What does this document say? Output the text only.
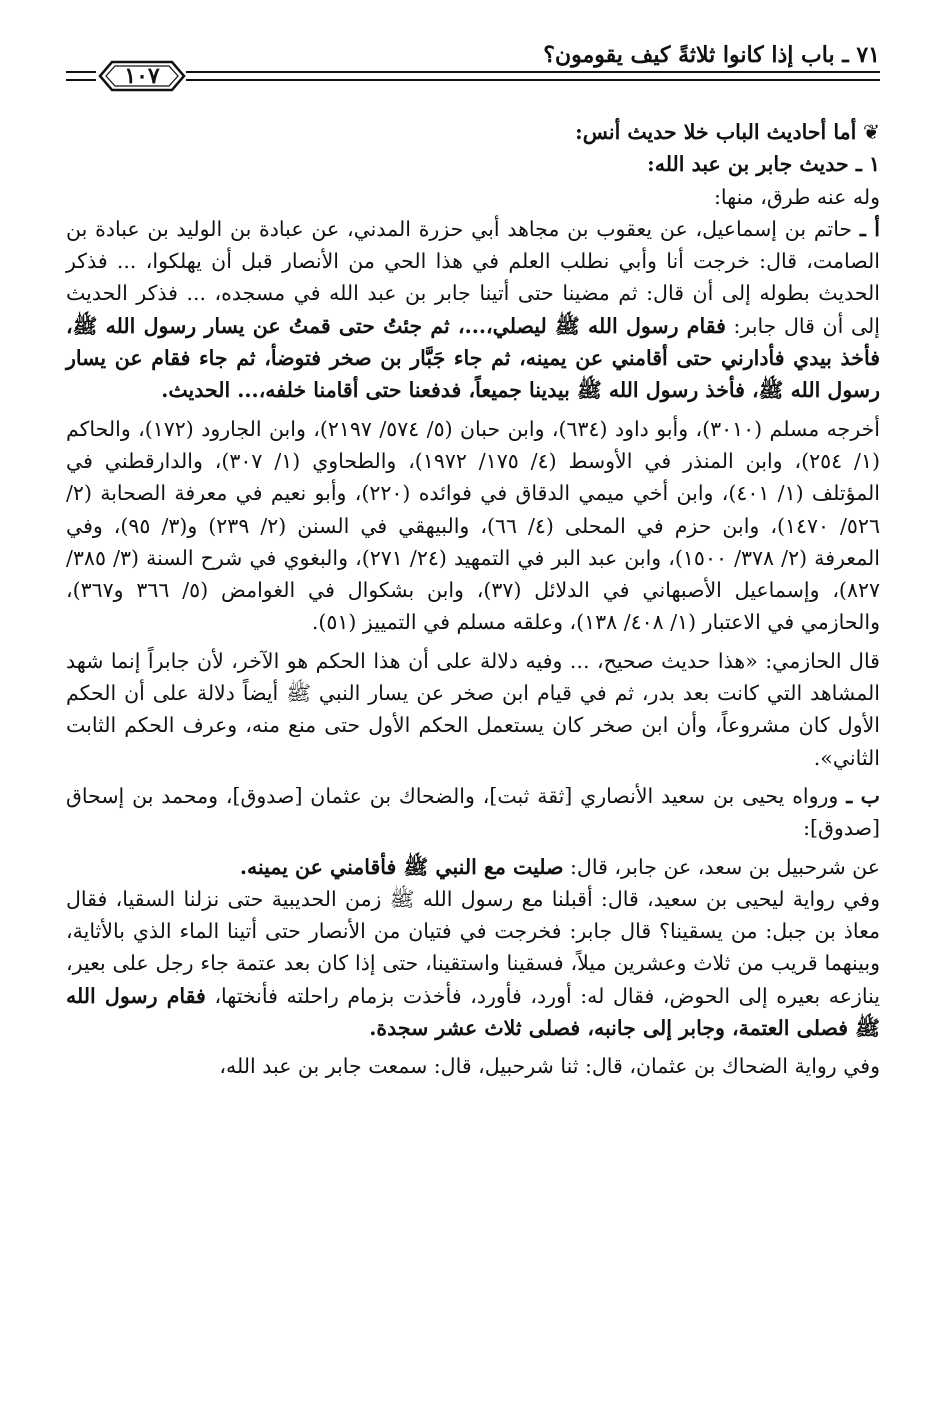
٧١ ـ باب إذا كانوا ثلاثةً كيف يقومون؟
١٠٧

❦ أما أحاديث الباب خلا حديث أنس:

١ ـ حديث جابر بن عبد الله:

وله عنه طرق، منها:

أ ـ حاتم بن إسماعيل، عن يعقوب بن مجاهد أبي حزرة المدني، عن عبادة بن الوليد بن عبادة بن الصامت، قال: خرجت أنا وأبي نطلب العلم في هذا الحي من الأنصار قبل أن يهلكوا، ... فذكر الحديث بطوله إلى أن قال: ثم مضينا حتى أتينا جابر بن عبد الله في مسجده، ... فذكر الحديث إلى أن قال جابر: فقام رسول الله ﷺ ليصلي،...، ثم جئتُ حتى قمتُ عن يسار رسول الله ﷺ، فأخذ بيدي فأدارني حتى أقامني عن يمينه، ثم جاء جَبَّار بن صخر فتوضأ، ثم جاء فقام عن يسار رسول الله ﷺ، فأخذ رسول الله ﷺ بيدينا جميعاً، فدفعنا حتى أقامنا خلفه،... الحديث.

أخرجه مسلم (٣٠١٠)، وأبو داود (٦٣٤)، وابن حبان (٥/ ٥٧٤/ ٢١٩٧)، وابن الجارود (١٧٢)، والحاكم (١/ ٢٥٤)، وابن المنذر في الأوسط (٤/ ١٧٥/ ١٩٧٢)، والطحاوي (١/ ٣٠٧)، والدارقطني في المؤتلف (١/ ٤٠١)، وابن أخي ميمي الدقاق في فوائده (٢٢٠)، وأبو نعيم في معرفة الصحابة (٢/ ٥٢٦/ ١٤٧٠)، وابن حزم في المحلى (٤/ ٦٦)، والبيهقي في السنن (٢/ ٢٣٩) و(٣/ ٩٥)، وفي المعرفة (٢/ ٣٧٨/ ١٥٠٠)، وابن عبد البر في التمهيد (٢٤/ ٢٧١)، والبغوي في شرح السنة (٣/ ٣٨٥/ ٨٢٧)، وإسماعيل الأصبهاني في الدلائل (٣٧)، وابن بشكوال في الغوامض (٥/ ٣٦٦ و٣٦٧)، والحازمي في الاعتبار (١/ ٤٠٨/ ١٣٨)، وعلقه مسلم في التمييز (٥١).

قال الحازمي: «هذا حديث صحيح، ... وفيه دلالة على أن هذا الحكم هو الآخر، لأن جابراً إنما شهد المشاهد التي كانت بعد بدر، ثم في قيام ابن صخر عن يسار النبي ﷺ أيضاً دلالة على أن الحكم الأول كان مشروعاً، وأن ابن صخر كان يستعمل الحكم الأول حتى منع منه، وعرف الحكم الثابت الثاني».

ب ـ ورواه يحيى بن سعيد الأنصاري [ثقة ثبت]، والضحاك بن عثمان [صدوق]، ومحمد بن إسحاق [صدوق]:

عن شرحبيل بن سعد، عن جابر، قال: صليت مع النبي ﷺ فأقامني عن يمينه.

وفي رواية ليحيى بن سعيد، قال: أقبلنا مع رسول الله ﷺ زمن الحديبية حتى نزلنا السقيا، فقال معاذ بن جبل: من يسقينا؟ قال جابر: فخرجت في فتيان من الأنصار حتى أتينا الماء الذي بالأثاية، وبينهما قريب من ثلاث وعشرين ميلاً، فسقينا واستقينا، حتى إذا كان بعد عتمة جاء رجل على بعير، ينازعه بعيره إلى الحوض، فقال له: أورد، فأورد، فأخذت بزمام راحلته فأنختها، فقام رسول الله ﷺ فصلى العتمة، وجابر إلى جانبه، فصلى ثلاث عشر سجدة.

وفي رواية الضحاك بن عثمان، قال: ثنا شرحبيل، قال: سمعت جابر بن عبد الله،
